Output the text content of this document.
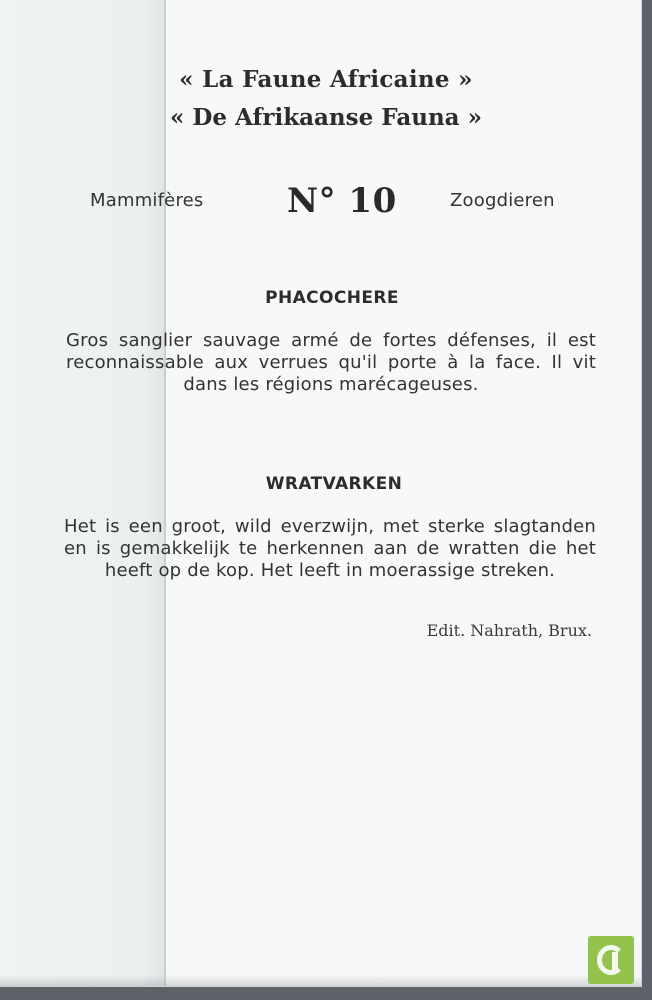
« La Faune Africaine »
« De Afrikaanse Fauna »
Mammifères N° 10	Zoogdieren
PHACOCHERE

Gros sanglier sauvage armé de fortes défenses, il est reconnaissable aux verrues qu'il porte à la face. Il vit dans les régions marécageuses.

WRATVARKEN

Het is een groot, wild everzwijn, met sterke slagtanden en is gemakkelijk te herkennen aan de wratten die het heeft op de kop. Het leeft in moerassige streken.

Edit. Nahrath, Brux.
